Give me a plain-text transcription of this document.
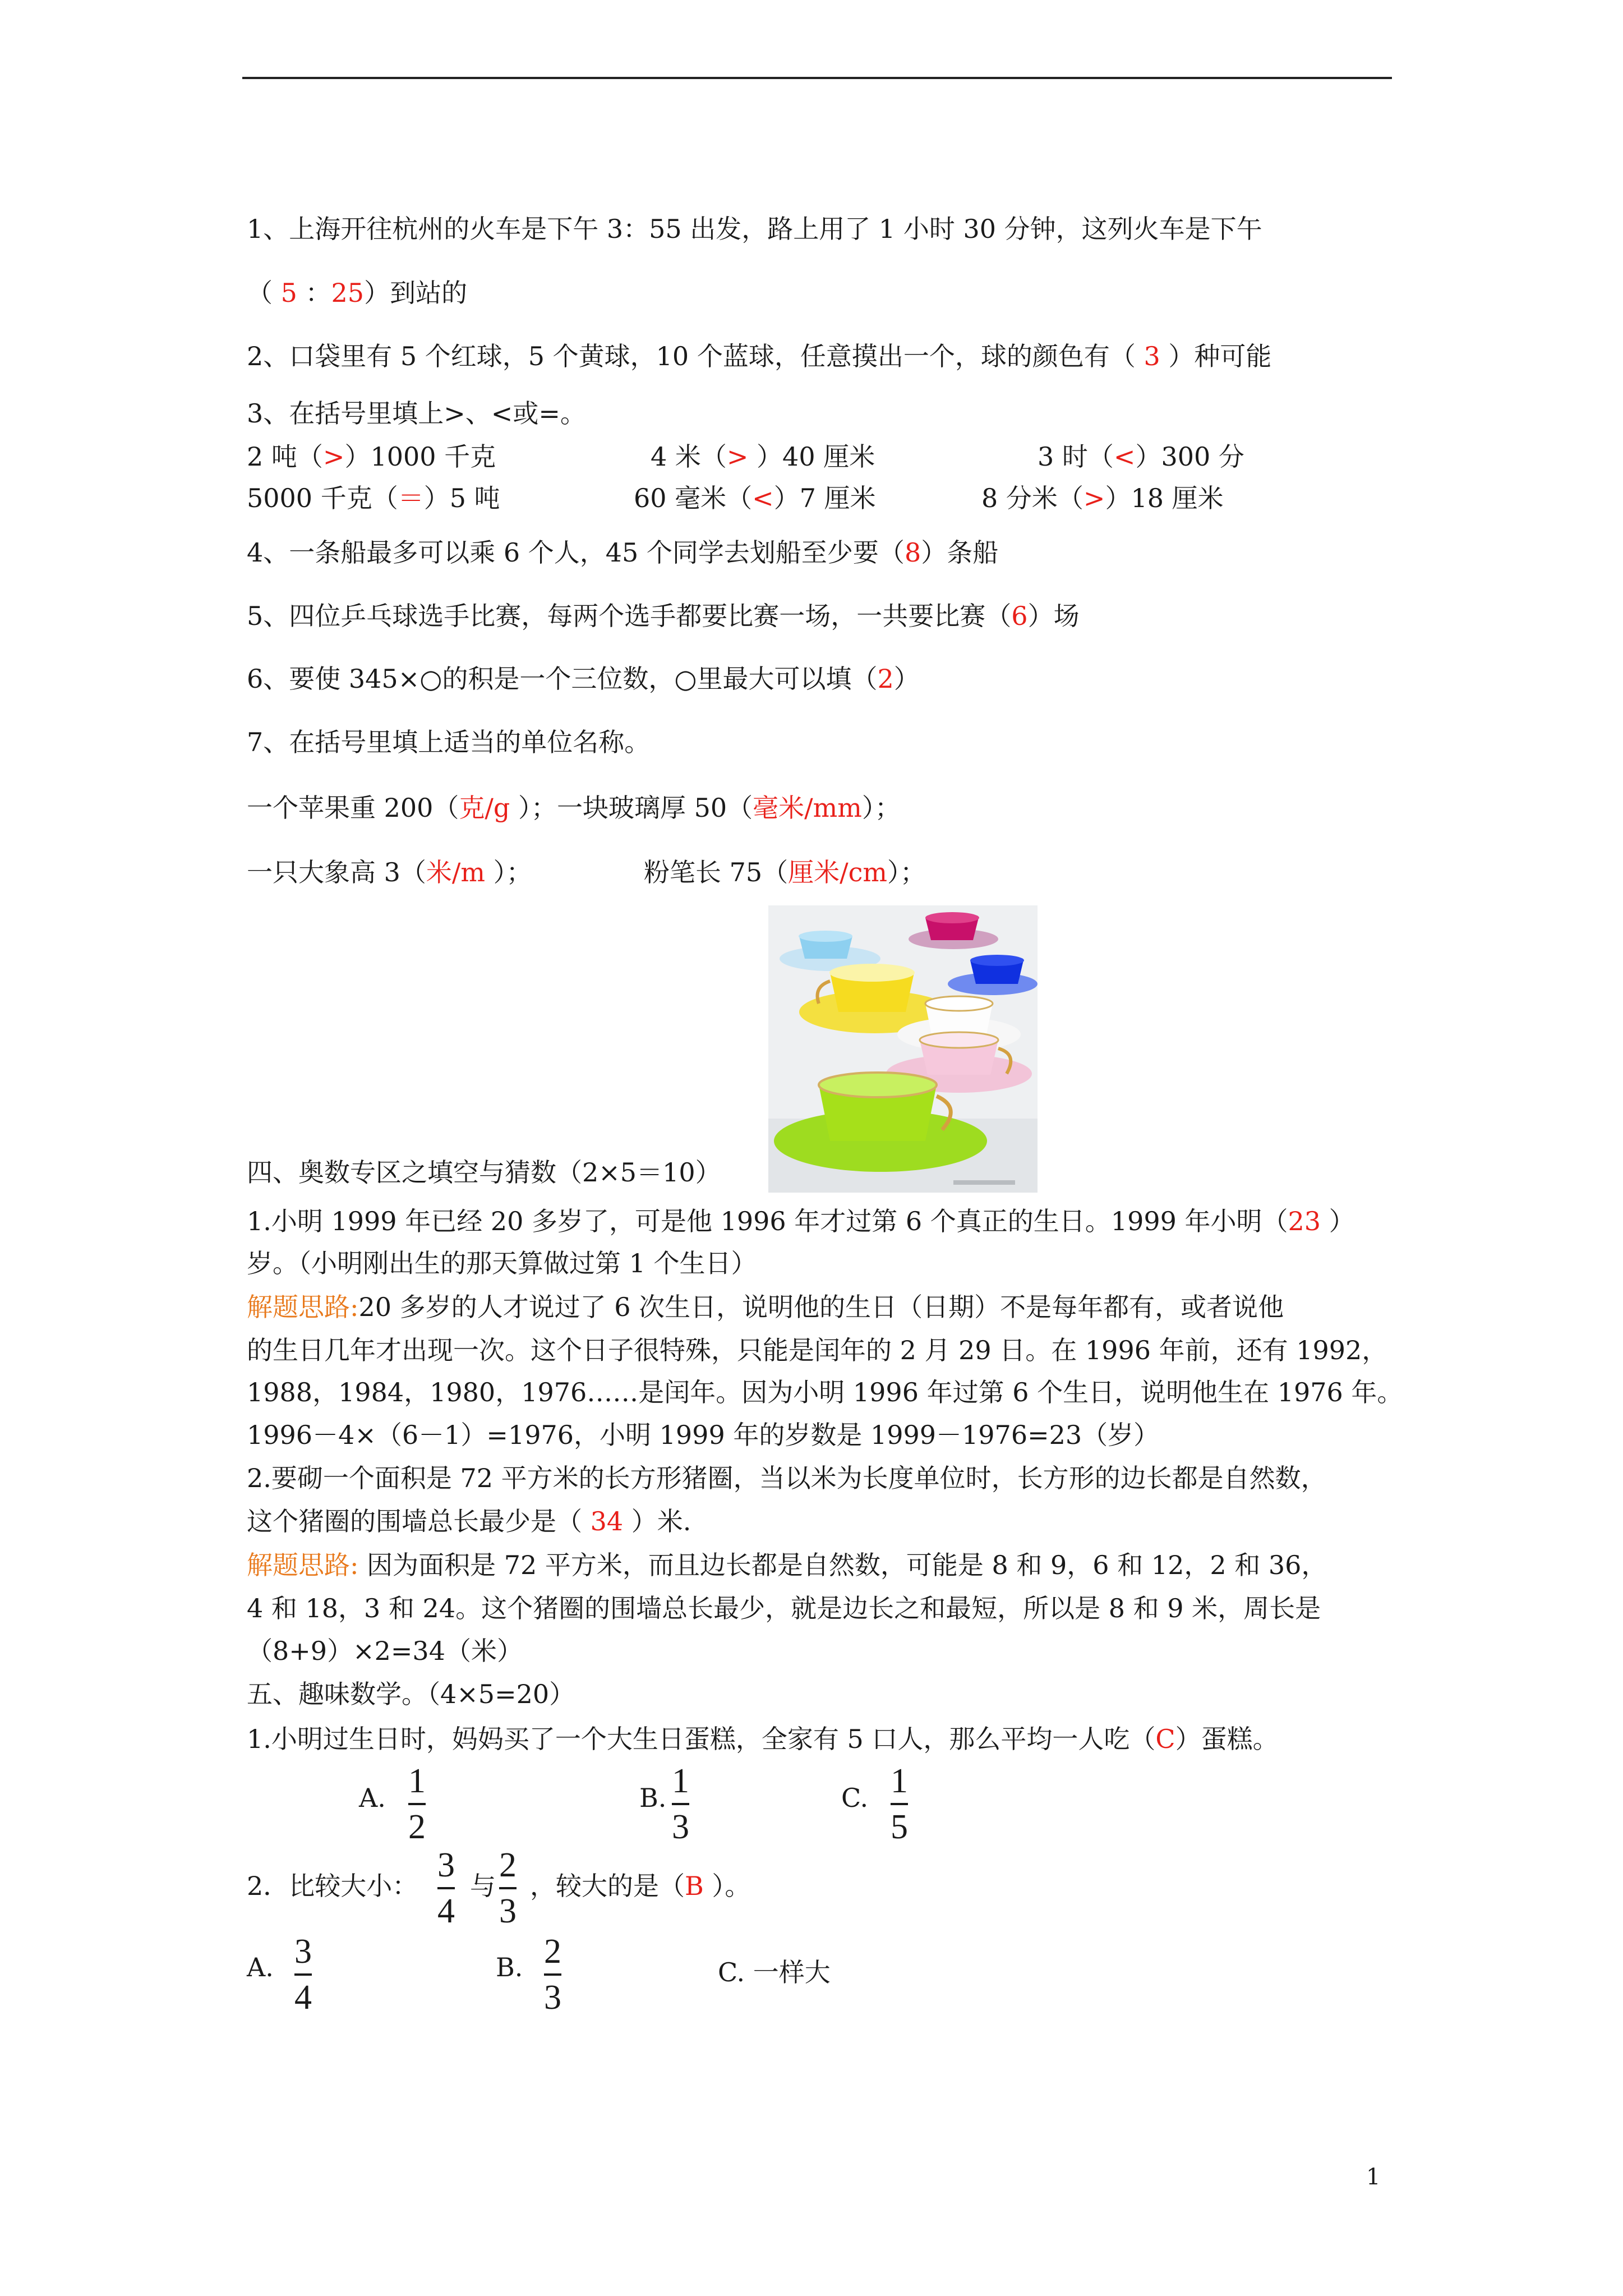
1、上海开往杭州的火车是下午 3：55 出发，路上用了 1 小时 30 分钟，这列火车是下午
（ 5 ：25）到站的
2、口袋里有 5 个红球，5 个黄球，10 个蓝球，任意摸出一个，球的颜色有（ 3 ）种可能
3、在括号里填上>、<或=。
2 吨（>）1000 千克	4 米（> ）40 厘米	3 时（<）300 分
5000 千克（＝）5 吨	60 毫米（<）7 厘米	8 分米（>）18 厘米
4、一条船最多可以乘 6 个人，45 个同学去划船至少要（8）条船
5、四位乒乓球选手比赛，每两个选手都要比赛一场，一共要比赛（6）场
6、要使 345×○的积是一个三位数，○里最大可以填（2）
7、在括号里填上适当的单位名称。
一个苹果重 200（克/g ）；一块玻璃厚 50（毫米/mm）；
一只大象高 3（米/m ）；	粉笔长 75（厘米/cm）；
四、奥数专区之填空与猜数（2×5＝10）
1.小明 1999 年已经 20 多岁了，可是他 1996 年才过第 6 个真正的生日。1999 年小明（23 ）
岁。（小明刚出生的那天算做过第 1 个生日）
解题思路:20 多岁的人才说过了 6 次生日，说明他的生日（日期）不是每年都有，或者说他
的生日几年才出现一次。这个日子很特殊，只能是闰年的 2 月 29 日。在 1996 年前，还有 1992，
1988，1984，1980，1976……是闰年。因为小明 1996 年过第 6 个生日，说明他生在 1976 年。
1996－4×（6－1）=1976，小明 1999 年的岁数是 1999－1976=23（岁）
2.要砌一个面积是 72 平方米的长方形猪圈，当以米为长度单位时，长方形的边长都是自然数，
这个猪圈的围墙总长最少是（ 34 ）米.
解题思路: 因为面积是 72 平方米，而且边长都是自然数，可能是 8 和 9，6 和 12，2 和 36，
4 和 18，3 和 24。这个猪圈的围墙总长最少，就是边长之和最短，所以是 8 和 9 米，周长是
（8+9）×2=34（米）
五、趣味数学。（4×5=20）
1.小明过生日时，妈妈买了一个大生日蛋糕，全家有 5 口人，那么平均一人吃（C）蛋糕。
A. 1
2
B. 1
3
C. 1
5
2．比较大小：
3
4
与
2
3
，较大的是（B ）。
A. 3
4
B. 2
3
C. 一样大
1
